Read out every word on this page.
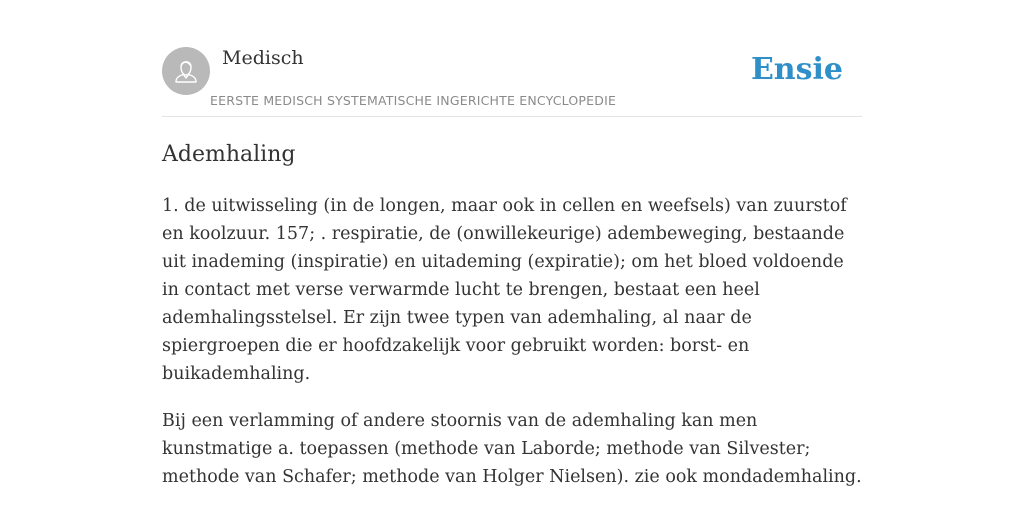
Medisch
EERSTE MEDISCH SYSTEMATISCHE INGERICHTE ENCYCLOPEDIE
Ensie
Ademhaling

1. de uitwisseling (in de longen, maar ook in cellen en weefsels) van zuurstof en koolzuur. 157; . respiratie, de (onwillekeurige) adembeweging, bestaande uit inademing (inspiratie) en uitademing (expiratie); om het bloed voldoende in contact met verse verwarmde lucht te brengen, bestaat een heel ademhalingsstelsel. Er zijn twee typen van ademhaling, al naar de spiergroepen die er hoofdzakelijk voor gebruikt worden: borst- en buikademhaling.

Bij een verlamming of andere stoornis van de ademhaling kan men kunstmatige a. toepassen (methode van Laborde; methode van Silvester; methode van Schafer; methode van Holger Nielsen). zie ook mondademhaling.
